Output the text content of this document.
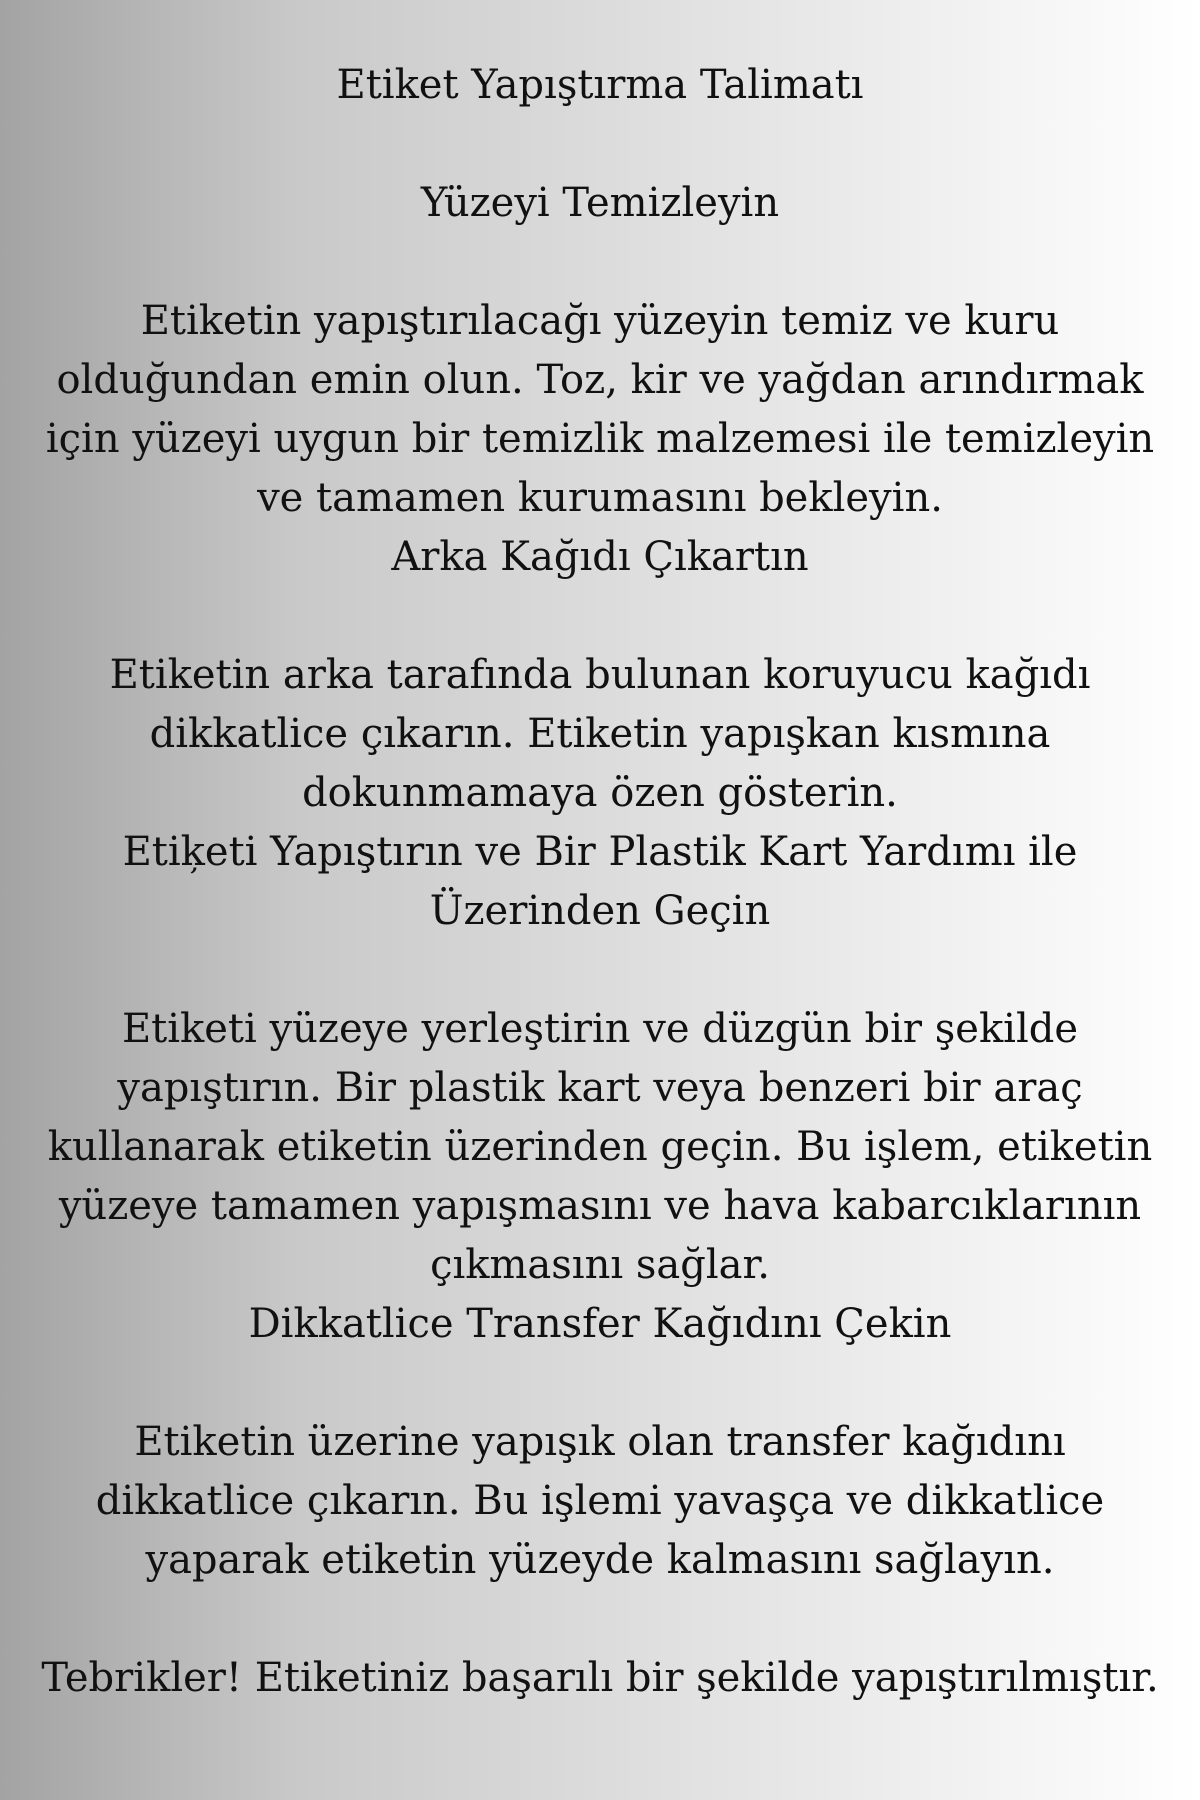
Etiket Yapıştırma Talimatı
Yüzeyi Temizleyin

Etiketin yapıştırılacağı yüzeyin temiz ve kuru

olduğundan emin olun. Toz, kir ve yağdan arındırmak

için yüzeyi uygun bir temizlik malzemesi ile temizleyin

ve tamamen kurumasını bekleyin.

Arka Kağıdı Çıkartın

Etiketin arka tarafında bulunan koruyucu kağıdı

dikkatlice çıkarın. Etiketin yapışkan kısmına

dokunmamaya özen gösterin.

Etiķeti Yapıştırın ve Bir Plastik Kart Yardımı ile
Üzerinden Geçin

Etiketi yüzeye yerleştirin ve düzgün bir şekilde

yapıştırın. Bir plastik kart veya benzeri bir araç

kullanarak etiketin üzerinden geçin. Bu işlem, etiketin

yüzeye tamamen yapışmasını ve hava kabarcıklarının

çıkmasını sağlar.

Dikkatlice Transfer Kağıdını Çekin

Etiketin üzerine yapışık olan transfer kağıdını

dikkatlice çıkarın. Bu işlemi yavaşça ve dikkatlice

yaparak etiketin yüzeyde kalmasını sağlayın.

Tebrikler! Etiketiniz başarılı bir şekilde yapıştırılmıştır.
